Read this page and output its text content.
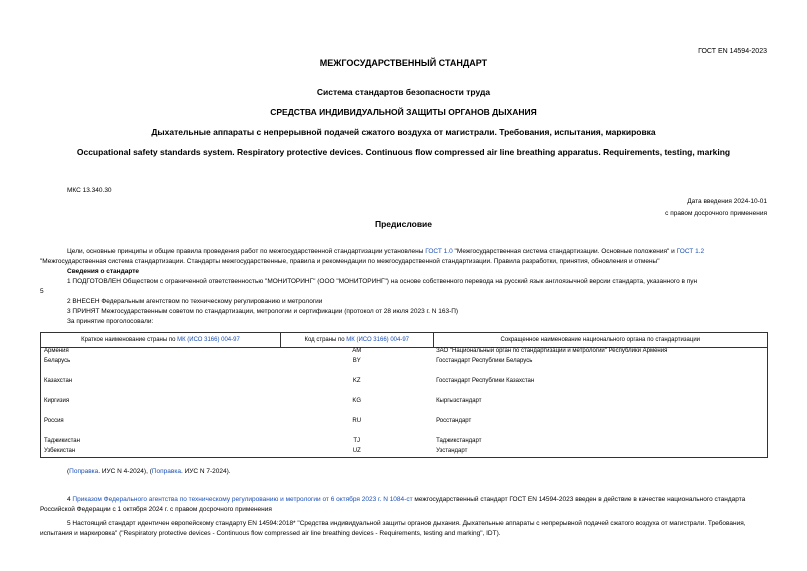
ГОСТ EN 14594-2023
МЕЖГОСУДАРСТВЕННЫЙ СТАНДАРТ
Система стандартов безопасности труда
СРЕДСТВА ИНДИВИДУАЛЬНОЙ ЗАЩИТЫ ОРГАНОВ ДЫХАНИЯ
Дыхательные аппараты с непрерывной подачей сжатого воздуха от магистрали. Требования, испытания, маркировка
Occupational safety standards system. Respiratory protective devices. Continuous flow compressed air line breathing apparatus. Requirements, testing, marking
МКС 13.340.30
Дата введения 2024-10-01
с правом досрочного применения
Предисловие
Цели, основные принципы и общие правила проведения работ по межгосударственной стандартизации установлены ГОСТ 1.0 "Межгосударственная система стандартизации. Основные положения" и ГОСТ 1.2 "Межгосударственная система стандартизации. Стандарты межгосударственные, правила и рекомендации по межгосударственной стандартизации. Правила разработки, принятия, обновления и отмены"
Сведения о стандарте
1 ПОДГОТОВЛЕН Обществом с ограниченной ответственностью "МОНИТОРИНГ" (ООО "МОНИТОРИНГ") на основе собственного перевода на русский язык англоязычной версии стандарта, указанного в пун
5
2 ВНЕСЕН Федеральным агентством по техническому регулированию и метрологии
3 ПРИНЯТ Межгосударственным советом по стандартизации, метрологии и сертификации (протокол от 28 июля 2023 г. N 163-П)
За принятие проголосовали:
Краткое наименование страны по МК (ИСО 3166) 004-97	Код страны по МК (ИСО 3166) 004-97	Сокращенное наименование национального органа по стандартизации
Армения	AM	ЗАО "Национальный орган по стандартизации и метрологии" Республики Армения
Беларусь	BY	Госстандарт Республики Беларусь
Казахстан	KZ	Госстандарт Республики Казахстан
Киргизия	KG	Кыргызстандарт
Россия	RU	Росстандарт
Таджикистан	TJ	Таджикстандарт
Узбекистан	UZ	Узстандарт
(Поправка. ИУС N 4-2024), (Поправка. ИУС N 7-2024).
4 Приказом Федерального агентства по техническому регулированию и метрологии от 6 октября 2023 г. N 1084-ст межгосударственный стандарт ГОСТ EN 14594-2023 введен в действие в качестве национального стандарта Российской Федерации с 1 октября 2024 г. с правом досрочного применения
5 Настоящий стандарт идентичен европейскому стандарту EN 14594:2018* "Средства индивидуальной защиты органов дыхания. Дыхательные аппараты с непрерывной подачей сжатого воздуха от магистрали. Требования, испытания и маркировка" ("Respiratory protective devices - Continuous flow compressed air line breathing devices - Requirements, testing and marking", IDT).
